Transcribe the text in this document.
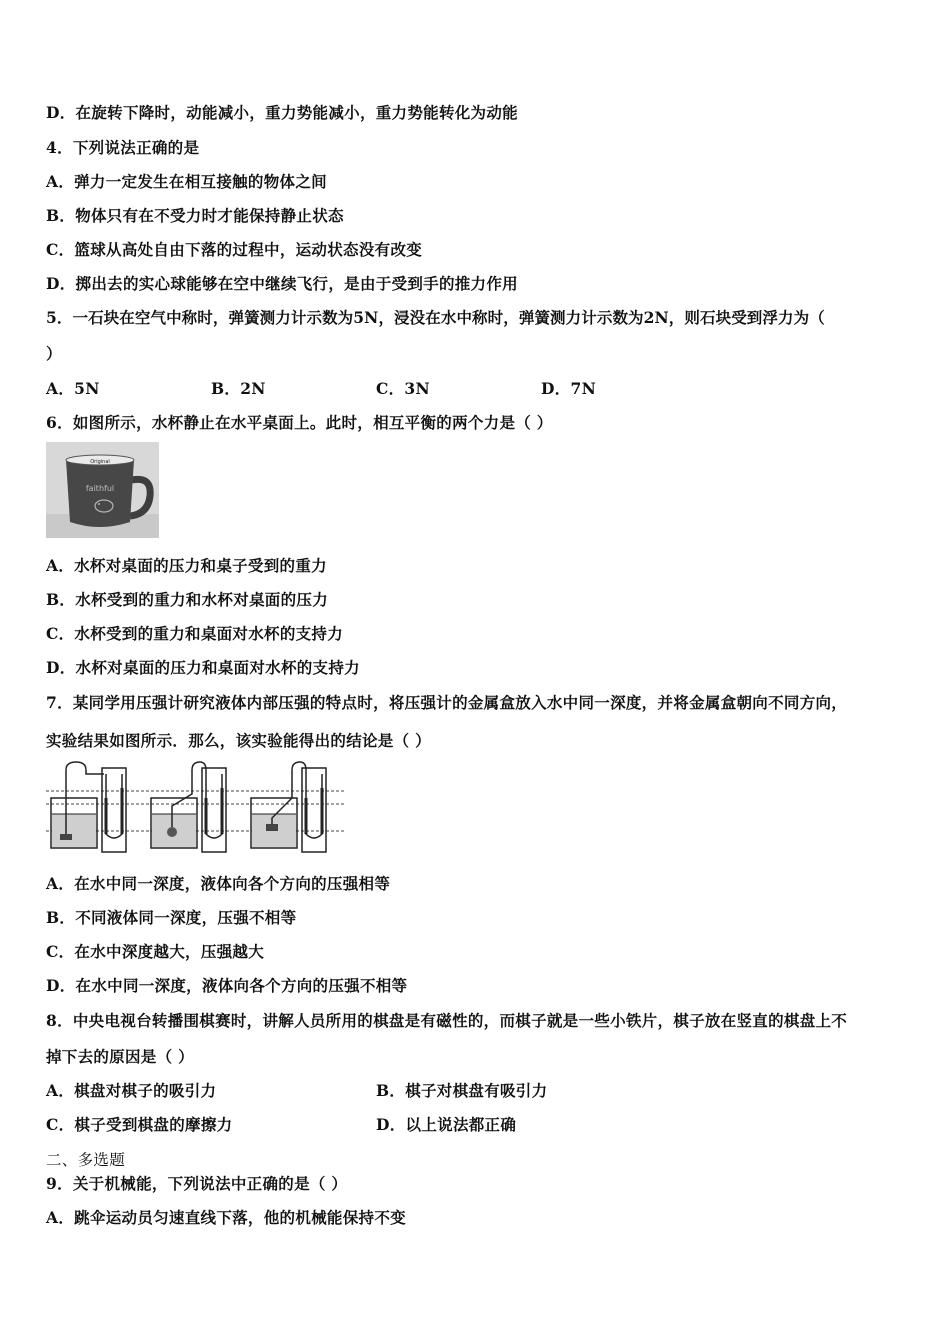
D．在旋转下降时，动能减小，重力势能减小，重力势能转化为动能
4．下列说法正确的是
A．弹力一定发生在相互接触的物体之间
B．物体只有在不受力时才能保持静止状态
C．篮球从高处自由下落的过程中，运动状态没有改变
D．掷出去的实心球能够在空中继续飞行，是由于受到手的推力作用
5．一石块在空气中称时，弹簧测力计示数为5N，浸没在水中称时，弹簧测力计示数为2N，则石块受到浮力为（
）
A．5N	B．2N	C．3N	D．7N
6．如图所示，水杯静止在水平桌面上。此时，相互平衡的两个力是（ ）
Original
faithful
A．水杯对桌面的压力和桌子受到的重力
B．水杯受到的重力和水杯对桌面的压力
C．水杯受到的重力和桌面对水杯的支持力
D．水杯对桌面的压力和桌面对水杯的支持力
7．某同学用压强计研究液体内部压强的特点时，将压强计的金属盒放入水中同一深度，并将金属盒朝向不同方向，
实验结果如图所示．那么，该实验能得出的结论是（ ）
A．在水中同一深度，液体向各个方向的压强相等
B．不同液体同一深度，压强不相等
C．在水中深度越大，压强越大
D．在水中同一深度，液体向各个方向的压强不相等
8．中央电视台转播围棋赛时，讲解人员所用的棋盘是有磁性的，而棋子就是一些小铁片，棋子放在竖直的棋盘上不
掉下去的原因是（ ）
A．棋盘对棋子的吸引力	B．棋子对棋盘有吸引力
C．棋子受到棋盘的摩擦力	D．以上说法都正确
二、多选题
9．关于机械能，下列说法中正确的是（ ）
A．跳伞运动员匀速直线下落，他的机械能保持不变
